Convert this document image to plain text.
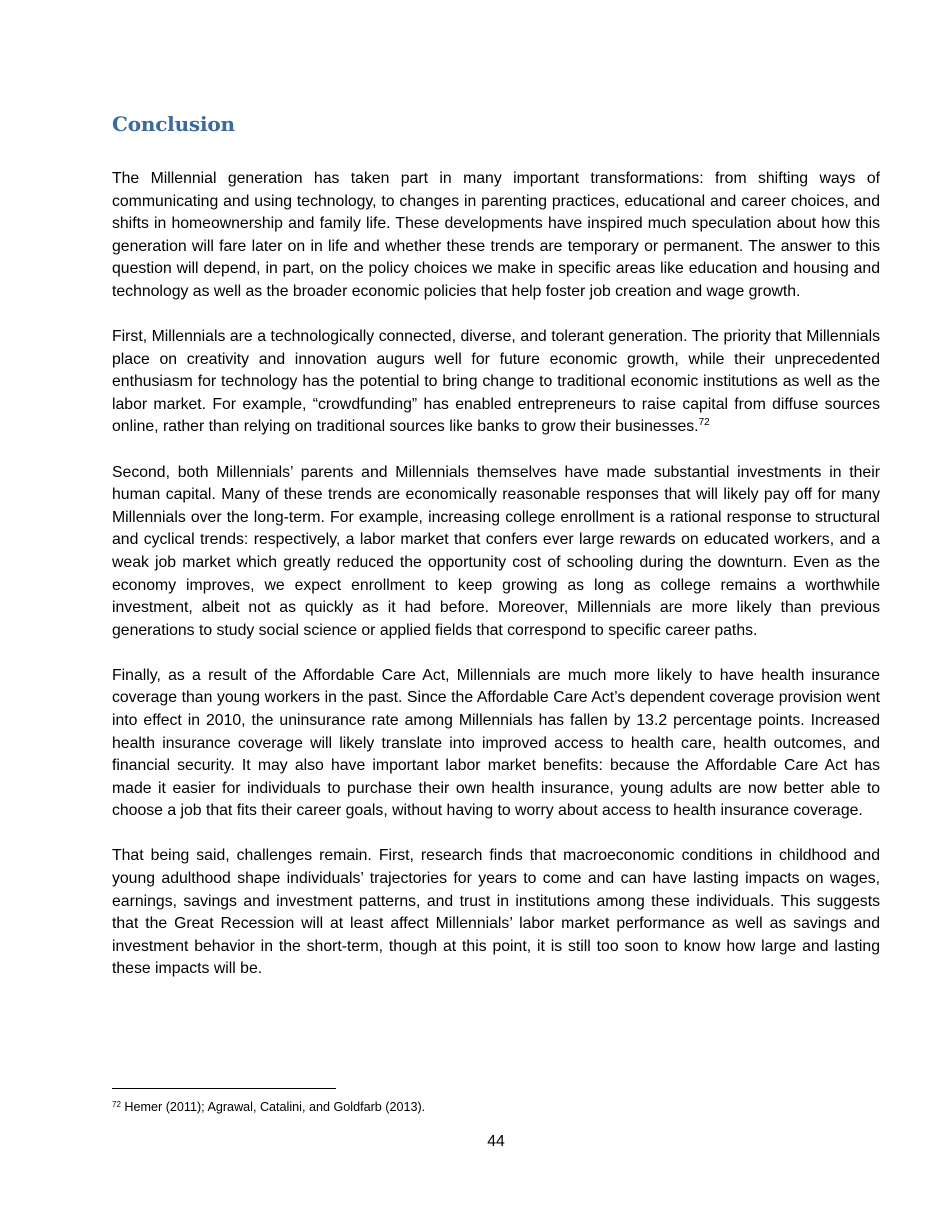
Conclusion

The Millennial generation has taken part in many important transformations: from shifting ways of communicating and using technology, to changes in parenting practices, educational and career choices, and shifts in homeownership and family life. These developments have inspired much speculation about how this generation will fare later on in life and whether these trends are temporary or permanent. The answer to this question will depend, in part, on the policy choices we make in specific areas like education and housing and technology as well as the broader economic policies that help foster job creation and wage growth.

First, Millennials are a technologically connected, diverse, and tolerant generation. The priority that Millennials place on creativity and innovation augurs well for future economic growth, while their unprecedented enthusiasm for technology has the potential to bring change to traditional economic institutions as well as the labor market. For example, “crowdfunding” has enabled entrepreneurs to raise capital from diffuse sources online, rather than relying on traditional sources like banks to grow their businesses.$^{72}$

Second, both Millennials’ parents and Millennials themselves have made substantial investments in their human capital. Many of these trends are economically reasonable responses that will likely pay off for many Millennials over the long-term. For example, increasing college enrollment is a rational response to structural and cyclical trends: respectively, a labor market that confers ever large rewards on educated workers, and a weak job market which greatly reduced the opportunity cost of schooling during the downturn. Even as the economy improves, we expect enrollment to keep growing as long as college remains a worthwhile investment, albeit not as quickly as it had before. Moreover, Millennials are more likely than previous generations to study social science or applied fields that correspond to specific career paths.

Finally, as a result of the Affordable Care Act, Millennials are much more likely to have health insurance coverage than young workers in the past. Since the Affordable Care Act’s dependent coverage provision went into effect in 2010, the uninsurance rate among Millennials has fallen by 13.2 percentage points. Increased health insurance coverage will likely translate into improved access to health care, health outcomes, and financial security. It may also have important labor market benefits: because the Affordable Care Act has made it easier for individuals to purchase their own health insurance, young adults are now better able to choose a job that fits their career goals, without having to worry about access to health insurance coverage.

That being said, challenges remain. First, research finds that macroeconomic conditions in childhood and young adulthood shape individuals’ trajectories for years to come and can have lasting impacts on wages, earnings, savings and investment patterns, and trust in institutions among these individuals. This suggests that the Great Recession will at least affect Millennials’ labor market performance as well as savings and investment behavior in the short-term, though at this point, it is still too soon to know how large and lasting these impacts will be.

$^{72}$ Hemer (2011); Agrawal, Catalini, and Goldfarb (2013).
44
